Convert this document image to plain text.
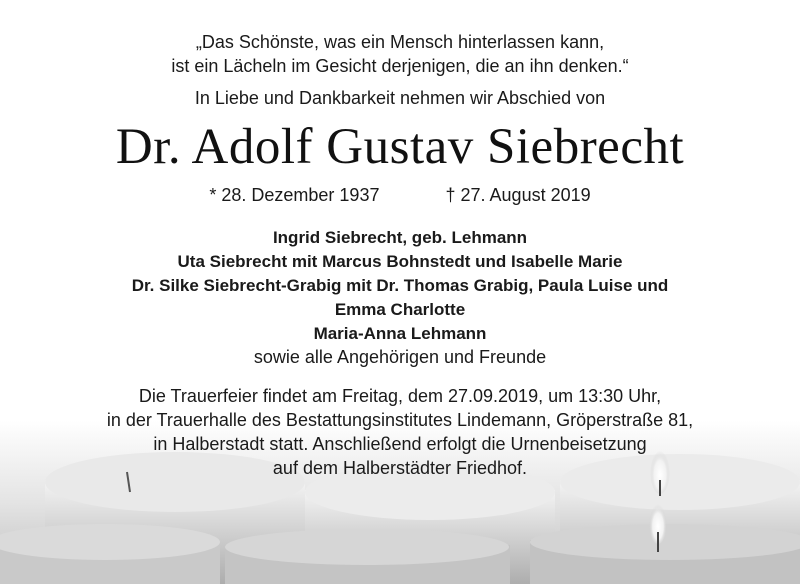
„Das Schönste, was ein Mensch hinterlassen kann,
ist ein Lächeln im Gesicht derjenigen, die an ihn denken.“
In Liebe und Dankbarkeit nehmen wir Abschied von
Dr. Adolf Gustav Siebrecht
* 28. Dezember 1937	† 27. August 2019
Ingrid Siebrecht, geb. Lehmann
Uta Siebrecht mit Marcus Bohnstedt und Isabelle Marie
Dr. Silke Siebrecht-Grabig mit Dr. Thomas Grabig, Paula Luise und
Emma Charlotte
Maria-Anna Lehmann
sowie alle Angehörigen und Freunde
Die Trauerfeier findet am Freitag, dem 27.09.2019, um 13:30 Uhr,
in der Trauerhalle des Bestattungsinstitutes Lindemann, Gröperstraße 81,
in Halberstadt statt. Anschließend erfolgt die Urnenbeisetzung
auf dem Halberstädter Friedhof.
